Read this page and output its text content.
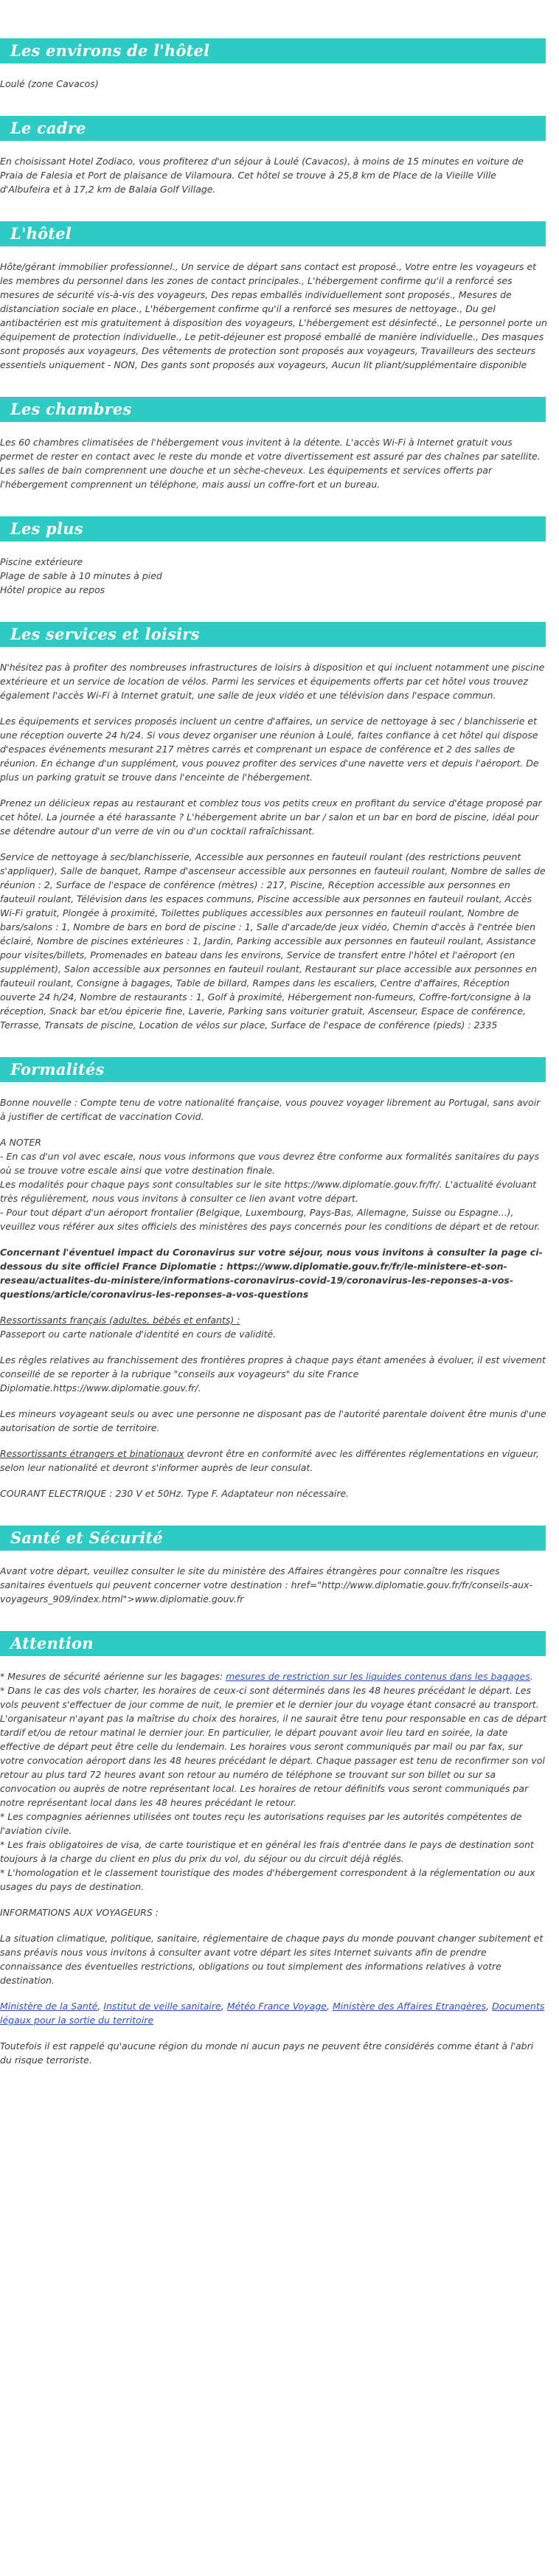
Les environs de l'hôtel

Loulé (zone Cavacos)

Le cadre

En choisissant Hotel Zodiaco, vous profiterez d'un séjour à Loulé (Cavacos), à moins de 15 minutes en voiture de Praia de Falesia et Port de plaisance de Vilamoura. Cet hôtel se trouve à 25,8 km de Place de la Vieille Ville d'Albufeira et à 17,2 km de Balaia Golf Village.

L'hôtel

Hôte/gérant immobilier professionnel., Un service de départ sans contact est proposé., Votre entre les voyageurs et les membres du personnel dans les zones de contact principales., L'hébergement confirme qu'il a renforcé ses mesures de sécurité vis-à-vis des voyageurs, Des repas emballés individuellement sont proposés., Mesures de distanciation sociale en place., L'hébergement confirme qu'il a renforcé ses mesures de nettoyage., Du gel antibactérien est mis gratuitement à disposition des voyageurs, L'hébergement est désinfecté., Le personnel porte un équipement de protection individuelle., Le petit-déjeuner est proposé emballé de manière individuelle., Des masques sont proposés aux voyageurs, Des vêtements de protection sont proposés aux voyageurs, Travailleurs des secteurs essentiels uniquement - NON, Des gants sont proposés aux voyageurs, Aucun lit pliant/supplémentaire disponible

Les chambres

Les 60 chambres climatisées de l'hébergement vous invitent à la détente. L'accès Wi-Fi à Internet gratuit vous permet de rester en contact avec le reste du monde et votre divertissement est assuré par des chaînes par satellite. Les salles de bain comprennent une douche et un sèche-cheveux. Les équipements et services offerts par l'hébergement comprennent un téléphone, mais aussi un coffre-fort et un bureau.

Les plus

Piscine extérieure

Plage de sable à 10 minutes à pied

Hôtel propice au repos

Les services et loisirs

N'hésitez pas à profiter des nombreuses infrastructures de loisirs à disposition et qui incluent notamment une piscine extérieure et un service de location de vélos. Parmi les services et équipements offerts par cet hôtel vous trouvez également l'accès Wi-Fi à Internet gratuit, une salle de jeux vidéo et une télévision dans l'espace commun.

Les équipements et services proposés incluent un centre d'affaires, un service de nettoyage à sec / blanchisserie et une réception ouverte 24 h/24. Si vous devez organiser une réunion à Loulé, faites confiance à cet hôtel qui dispose d'espaces événements mesurant 217 mètres carrés et comprenant un espace de conférence et 2 des salles de réunion. En échange d'un supplément, vous pouvez profiter des services d'une navette vers et depuis l'aéroport. De plus un parking gratuit se trouve dans l'enceinte de l'hébergement.

Prenez un délicieux repas au restaurant et comblez tous vos petits creux en profitant du service d'étage proposé par cet hôtel. La journée a été harassante ? L'hébergement abrite un bar / salon et un bar en bord de piscine, idéal pour se détendre autour d'un verre de vin ou d'un cocktail rafraîchissant.

Service de nettoyage à sec/blanchisserie, Accessible aux personnes en fauteuil roulant (des restrictions peuvent s'appliquer), Salle de banquet, Rampe d'ascenseur accessible aux personnes en fauteuil roulant, Nombre de salles de réunion : 2, Surface de l'espace de conférence (mètres) : 217, Piscine, Réception accessible aux personnes en fauteuil roulant, Télévision dans les espaces communs, Piscine accessible aux personnes en fauteuil roulant, Accès Wi-Fi gratuit, Plongée à proximité, Toilettes publiques accessibles aux personnes en fauteuil roulant, Nombre de bars/salons : 1, Nombre de bars en bord de piscine : 1, Salle d'arcade/de jeux vidéo, Chemin d'accès à l'entrée bien éclairé, Nombre de piscines extérieures : 1, Jardin, Parking accessible aux personnes en fauteuil roulant, Assistance pour visites/billets, Promenades en bateau dans les environs, Service de transfert entre l'hôtel et l'aéroport (en supplément), Salon accessible aux personnes en fauteuil roulant, Restaurant sur place accessible aux personnes en fauteuil roulant, Consigne à bagages, Table de billard, Rampes dans les escaliers, Centre d'affaires, Réception ouverte 24 h/24, Nombre de restaurants : 1, Golf à proximité, Hébergement non-fumeurs, Coffre-fort/consigne à la réception, Snack bar et/ou épicerie fine, Laverie, Parking sans voiturier gratuit, Ascenseur, Espace de conférence, Terrasse, Transats de piscine, Location de vélos sur place, Surface de l'espace de conférence (pieds) : 2335

Formalités

Bonne nouvelle : Compte tenu de votre nationalité française, vous pouvez voyager librement au Portugal, sans avoir à justifier de certificat de vaccination Covid.

A NOTER

- En cas d'un vol avec escale, nous vous informons que vous devrez être conforme aux formalités sanitaires du pays où se trouve votre escale ainsi que votre destination finale.

Les modalités pour chaque pays sont consultables sur le site https://www.diplomatie.gouv.fr/fr/. L'actualité évoluant très régulièrement, nous vous invitons à consulter ce lien avant votre départ.

- Pour tout départ d'un aéroport frontalier (Belgique, Luxembourg, Pays-Bas, Allemagne, Suisse ou Espagne...), veuillez vous référer aux sites officiels des ministères des pays concernés pour les conditions de départ et de retour.

Concernant l'éventuel impact du Coronavirus sur votre séjour, nous vous invitons à consulter la page ci-dessous du site officiel France Diplomatie : https://www.diplomatie.gouv.fr/fr/le-ministere-et-son-reseau/actualites-du-ministere/informations-coronavirus-covid-19/coronavirus-les-reponses-a-vos-questions/article/coronavirus-les-reponses-a-vos-questions

Ressortissants français (adultes, bébés et enfants) :

Passeport ou carte nationale d'identité en cours de validité.

Les règles relatives au franchissement des frontières propres à chaque pays étant amenées à évoluer, il est vivement conseillé de se reporter à la rubrique "conseils aux voyageurs" du site France Diplomatie.https://www.diplomatie.gouv.fr/.

Les mineurs voyageant seuls ou avec une personne ne disposant pas de l'autorité parentale doivent être munis d'une autorisation de sortie de territoire.

Ressortissants étrangers et binationaux devront être en conformité avec les différentes réglementations en vigueur, selon leur nationalité et devront s'informer auprès de leur consulat.

COURANT ELECTRIQUE : 230 V et 50Hz. Type F. Adaptateur non nécessaire.

Santé et Sécurité

Avant votre départ, veuillez consulter le site du ministère des Affaires étrangères pour connaître les risques sanitaires éventuels qui peuvent concerner votre destination : href="http://www.diplomatie.gouv.fr/fr/conseils-aux-voyageurs_909/index.html">www.diplomatie.gouv.fr

Attention

* Mesures de sécurité aérienne sur les bagages: mesures de restriction sur les liquides contenus dans les bagages.

* Dans le cas des vols charter, les horaires de ceux-ci sont déterminés dans les 48 heures précédant le départ. Les vols peuvent s'effectuer de jour comme de nuit, le premier et le dernier jour du voyage étant consacré au transport. L'organisateur n'ayant pas la maîtrise du choix des horaires, il ne saurait être tenu pour responsable en cas de départ tardif et/ou de retour matinal le dernier jour. En particulier, le départ pouvant avoir lieu tard en soirée, la date effective de départ peut être celle du lendemain. Les horaires vous seront communiqués par mail ou par fax, sur votre convocation aéroport dans les 48 heures précédant le départ. Chaque passager est tenu de reconfirmer son vol retour au plus tard 72 heures avant son retour au numéro de téléphone se trouvant sur son billet ou sur sa convocation ou auprès de notre représentant local. Les horaires de retour définitifs vous seront communiqués par notre représentant local dans les 48 heures précédant le retour.

* Les compagnies aériennes utilisées ont toutes reçu les autorisations requises par les autorités compétentes de l'aviation civile.

* Les frais obligatoires de visa, de carte touristique et en général les frais d'entrée dans le pays de destination sont toujours à la charge du client en plus du prix du vol, du séjour ou du circuit déjà réglés.

* L'homologation et le classement touristique des modes d'hébergement correspondent à la réglementation ou aux usages du pays de destination.

INFORMATIONS AUX VOYAGEURS :

La situation climatique, politique, sanitaire, réglementaire de chaque pays du monde pouvant changer subitement et sans préavis nous vous invitons à consulter avant votre départ les sites Internet suivants afin de prendre connaissance des éventuelles restrictions, obligations ou tout simplement des informations relatives à votre destination.

Ministère de la Santé, Institut de veille sanitaire, Météo France Voyage, Ministère des Affaires Etrangères, Documents légaux pour la sortie du territoire

Toutefois il est rappelé qu'aucune région du monde ni aucun pays ne peuvent être considérés comme étant à l'abri du risque terroriste.
